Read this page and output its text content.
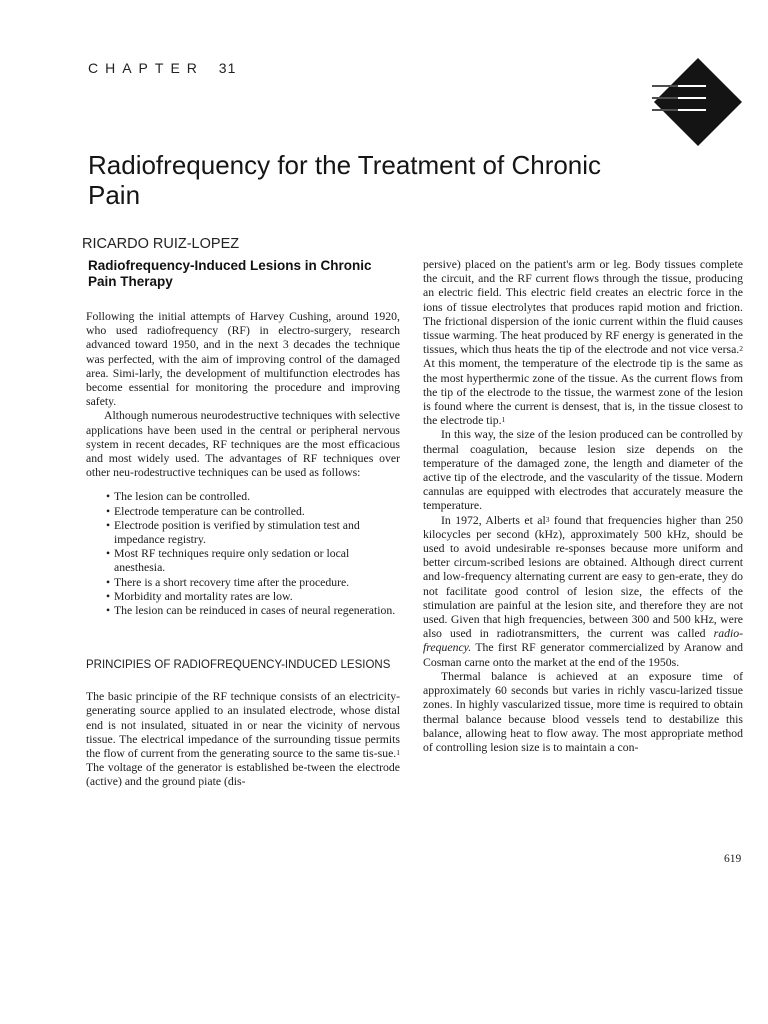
CHAPTER 31
Radiofrequency for the Treatment of Chronic Pain
RICARDO RUIZ-LOPEZ
Radiofrequency-Induced Lesions in Chronic Pain Therapy

Following the initial attempts of Harvey Cushing, around 1920, who used radiofrequency (RF) in electro-surgery, research advanced toward 1950, and in the next 3 decades the technique was perfected, with the aim of improving control of the damaged area. Simi-larly, the development of multifunction electrodes has become essential for monitoring the procedure and improving safety.

Although numerous neurodestructive techniques with selective applications have been used in the central or peripheral nervous system in recent decades, RF techniques are the most efficacious and most widely used. The advantages of RF techniques over other neu-rodestructive techniques can be used as follows:

• The lesion can be controlled.
• Electrode temperature can be controlled.
• Electrode position is verified by stimulation test and impedance registry.
• Most RF techniques require only sedation or local anesthesia.
• There is a short recovery time after the procedure.
• Morbidity and mortality rates are low.
• The lesion can be reinduced in cases of neural regeneration.
PRINCIPIES OF RADIOFREQUENCY-INDUCED LESIONS

The basic principie of the RF technique consists of an electricity-generating source applied to an insulated electrode, whose distal end is not insulated, situated in or near the vicinity of nervous tissue. The electrical impedance of the surrounding tissue permits the flow of current from the generating source to the same tis-sue.$^1$ The voltage of the generator is established be-tween the electrode (active) and the ground piate (dis-

persive) placed on the patient's arm or leg. Body tissues complete the circuit, and the RF current flows through the tissue, producing an electric field. This electric field creates an electric force in the ions of tissue electrolytes that produces rapid motion and friction. The frictional dispersion of the ionic current within the fluid causes tissue warming. The heat produced by RF energy is generated in the tissues, which thus heats the tip of the electrode and not vice versa.$^2$ At this moment, the temperature of the electrode tip is the same as the most hyperthermic zone of the tissue. As the current flows from the tip of the electrode to the tissue, the warmest zone of the lesion is found where the current is densest, that is, in the tissue closest to the electrode tip.$^1$

In this way, the size of the lesion produced can be controlled by thermal coagulation, because lesion size depends on the temperature of the damaged zone, the length and diameter of the active tip of the electrode, and the vascularity of the tissue. Modern cannulas are equipped with electrodes that accurately measure the temperature.

In 1972, Alberts et $al^3$ found that frequencies higher than 250 kilocycles per second (kHz), approximately 500 kHz, should be used to avoid undesirable re-sponses because more uniform and better circum-scribed lesions are obtained. Although direct current and low-frequency alternating current are easy to gen-erate, they do not facilitate good control of lesion size, the effects of the stimulation are painful at the lesion site, and therefore they are not used. Given that high frequencies, between 300 and 500 kHz, were also used in radiotransmitters, the current was called radio-frequency. The first RF generator commercialized by Aranow and Cosman carne onto the market at the end of the 1950s.

Thermal balance is achieved at an exposure time of approximately 60 seconds but varies in richly vascu-larized tissue zones. In highly vascularized tissue, more time is required to obtain thermal balance because blood vessels tend to destabilize this balance, allowing heat to flow away. The most appropriate method of controlling lesion size is to maintain a con-

619
